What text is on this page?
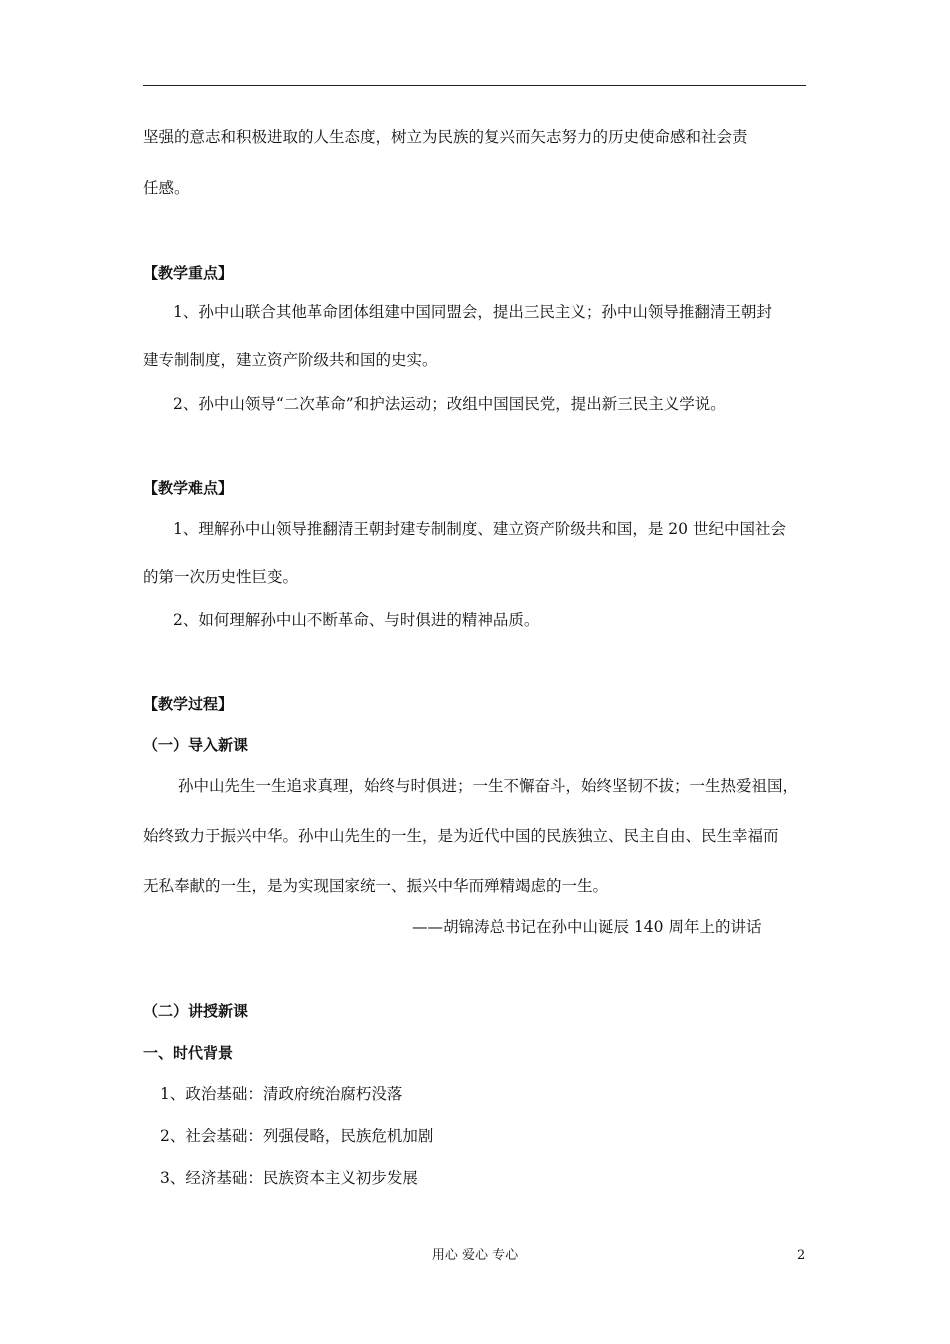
坚强的意志和积极进取的人生态度，树立为民族的复兴而矢志努力的历史使命感和社会责
任感。
【教学重点】
1、孙中山联合其他革命团体组建中国同盟会，提出三民主义；孙中山领导推翻清王朝封
建专制制度，建立资产阶级共和国的史实。
2、孙中山领导“二次革命”和护法运动；改组中国国民党，提出新三民主义学说。
【教学难点】
1、理解孙中山领导推翻清王朝封建专制制度、建立资产阶级共和国，是 20 世纪中国社会
的第一次历史性巨变。
2、如何理解孙中山不断革命、与时俱进的精神品质。
【教学过程】
（一）导入新课
孙中山先生一生追求真理，始终与时俱进；一生不懈奋斗，始终坚韧不拔；一生热爱祖国，
始终致力于振兴中华。孙中山先生的一生，是为近代中国的民族独立、民主自由、民生幸福而
无私奉献的一生，是为实现国家统一、振兴中华而殚精竭虑的一生。
——胡锦涛总书记在孙中山诞辰 140 周年上的讲话
（二）讲授新课
一、时代背景
1、政治基础：清政府统治腐朽没落
2、社会基础：列强侵略，民族危机加剧
3、经济基础：民族资本主义初步发展
用心 爱心 专心	2
